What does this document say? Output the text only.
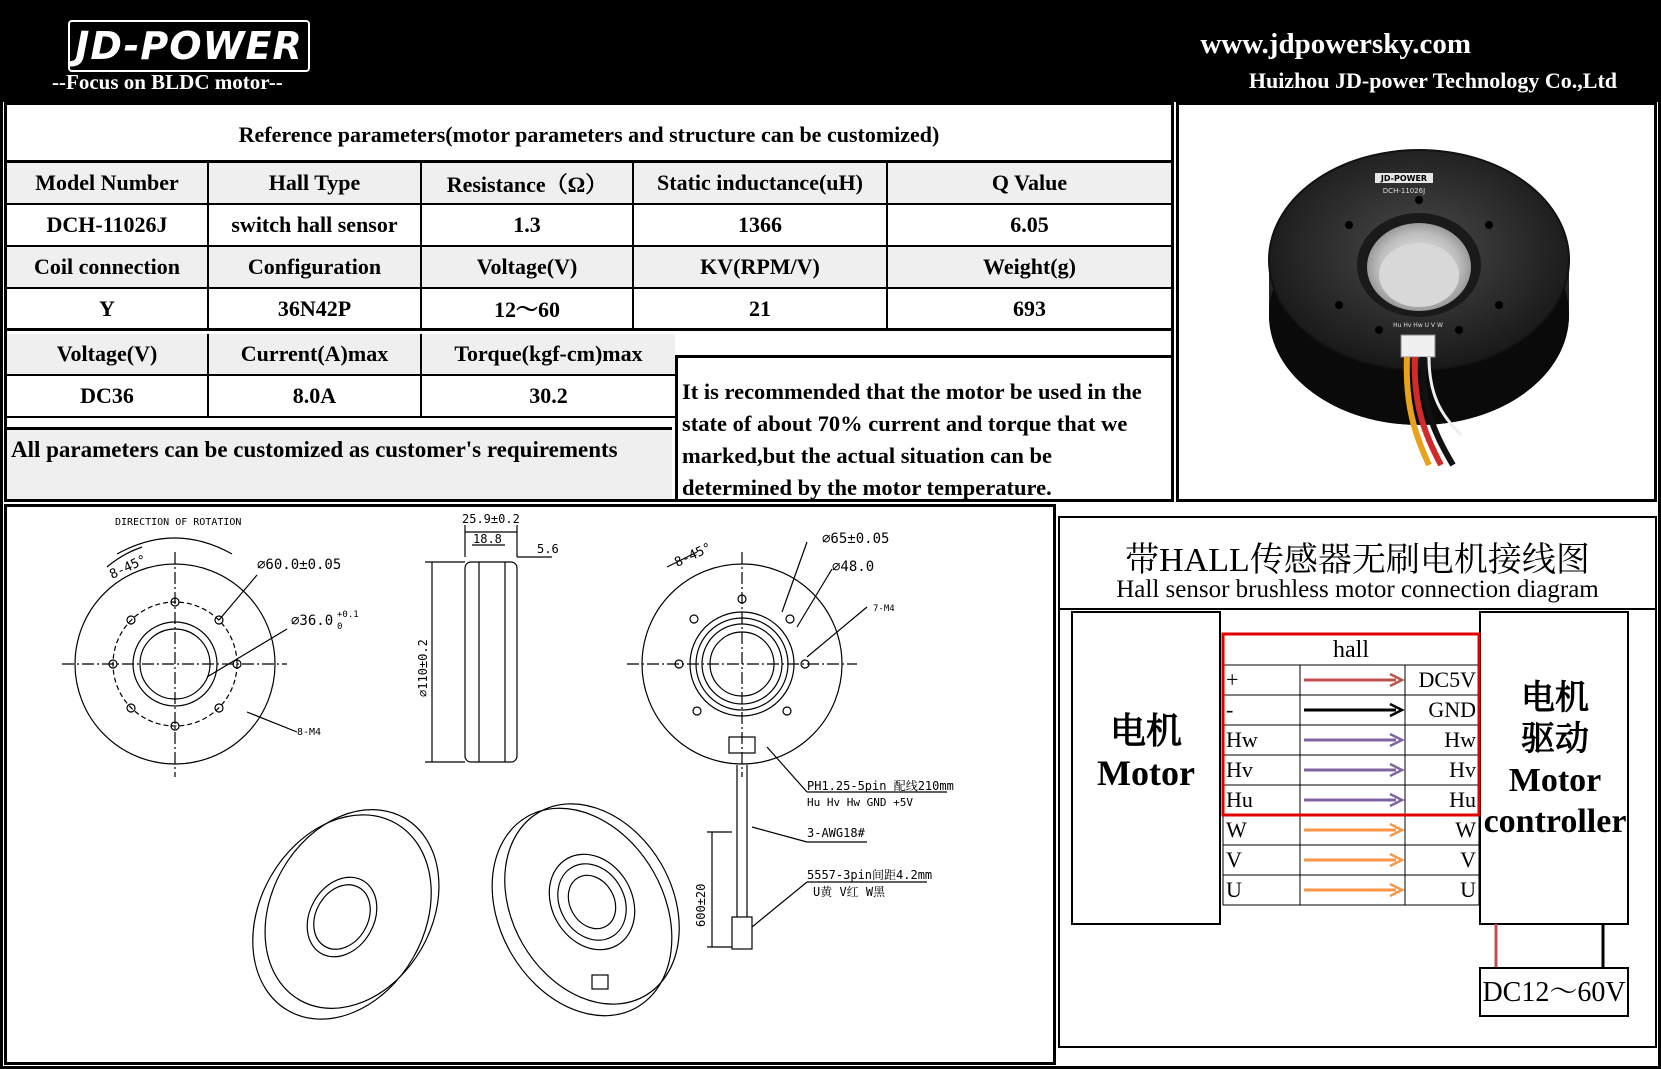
JD-POWER
--Focus on BLDC motor--
www.jdpowersky.com
Huizhou JD-power Technology Co.,Ltd
Reference parameters(motor parameters and structure can be customized)
Model Number	Hall Type	Resistance（Ω）	Static inductance(uH)	Q Value
DCH-11026J	switch hall sensor	1.3	1366	6.05
Coil connection	Configuration	Voltage(V)	KV(RPM/V)	Weight(g)
Y	36N42P	12～60	21	693
Voltage(V)	Current(A)max	Torque(kgf-cm)max
DC36	8.0A	30.2
All parameters can be customized as customer's requirements
It is recommended that the motor be used in the state of about 70% current and torque that we marked,but the actual situation can be determined by the motor temperature.
JD-POWER
DCH-11026J
Hu Hv Hw U V W
DIRECTION OF ROTATION
8-45°	⌀60.0±0.05
⌀36.0 +0.1
0
8-M4
25.9±0.2
18.8
5.6
⌀110±0.2
8-45°
⌀65±0.05
⌀48.0
7-M4
PH1.25-5pin 配线210mm
Hu Hv Hw GND +5V
3-AWG18#
600±20
5557-3pin间距4.2mm
U黄 V红 W黑
带HALL传感器无刷电机接线图
Hall sensor brushless motor connection diagram
电机
Motor
电机
驱动
Motor
controller
hall
+	DC5V
-	GND
Hw	Hw
Hv	Hv
Hu	Hu
W	W
V	V
U	U
DC12～60V
